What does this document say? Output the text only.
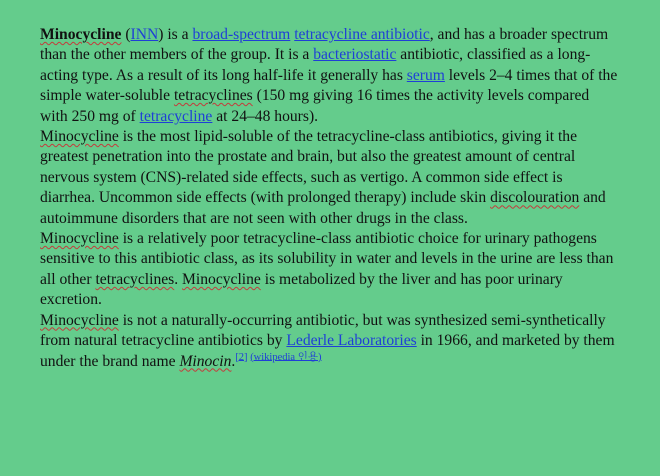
Minocycline (INN) is a broad-spectrum tetracycline antibiotic, and has a broader spectrum than the other members of the group. It is a bacteriostatic antibiotic, classified as a long-acting type. As a result of its long half-life it generally has serum levels 2–4 times that of the simple water-soluble tetracyclines (150 mg giving 16 times the activity levels compared with 250 mg of tetracycline at 24–48 hours).

Minocycline is the most lipid-soluble of the tetracycline-class antibiotics, giving it the greatest penetration into the prostate and brain, but also the greatest amount of central nervous system (CNS)-related side effects, such as vertigo. A common side effect is diarrhea. Uncommon side effects (with prolonged therapy) include skin discolouration and autoimmune disorders that are not seen with other drugs in the class.

Minocycline is a relatively poor tetracycline-class antibiotic choice for urinary pathogens sensitive to this antibiotic class, as its solubility in water and levels in the urine are less than all other tetracyclines. Minocycline is metabolized by the liver and has poor urinary excretion.

Minocycline is not a naturally-occurring antibiotic, but was synthesized semi-synthetically from natural tetracycline antibiotics by Lederle Laboratories in 1966, and marketed by them under the brand name Minocin.[2] $^{(wikipedia 인용)}$
